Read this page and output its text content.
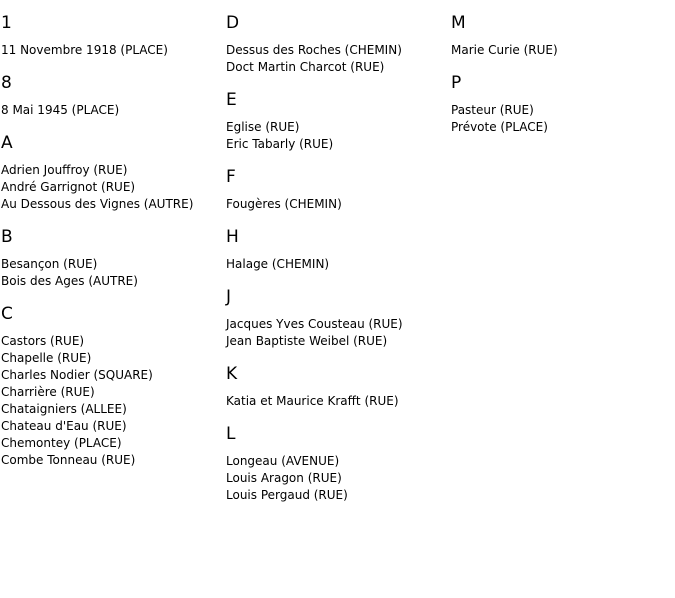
1
11 Novembre 1918 (PLACE)
8
8 Mai 1945 (PLACE)
A
Adrien Jouffroy (RUE)
André Garrignot (RUE)
Au Dessous des Vignes (AUTRE)
B
Besançon (RUE)
Bois des Ages (AUTRE)
C
Castors (RUE)
Chapelle (RUE)
Charles Nodier (SQUARE)
Charrière (RUE)
Chataigniers (ALLEE)
Chateau d'Eau (RUE)
Chemontey (PLACE)
Combe Tonneau (RUE)
D
Dessus des Roches (CHEMIN)
Doct Martin Charcot (RUE)
E
Eglise (RUE)
Eric Tabarly (RUE)
F
Fougères (CHEMIN)
H
Halage (CHEMIN)
J
Jacques Yves Cousteau (RUE)
Jean Baptiste Weibel (RUE)
K
Katia et Maurice Krafft (RUE)
L
Longeau (AVENUE)
Louis Aragon (RUE)
Louis Pergaud (RUE)
M
Marie Curie (RUE)
P
Pasteur (RUE)
Prévote (PLACE)
